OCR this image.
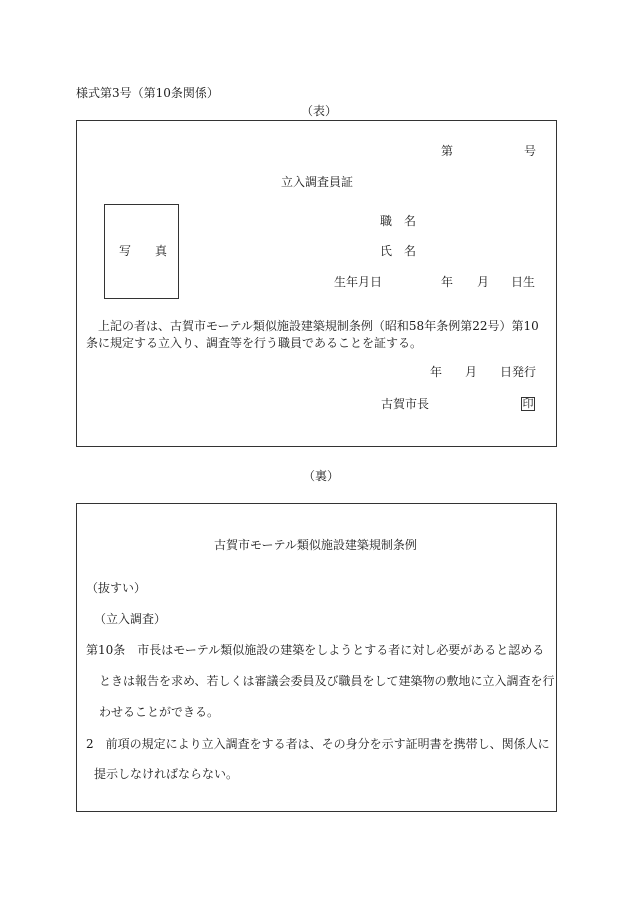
様式第3号（第10条関係）
（表）
第	号
立入調査員証
写　　真
職　名
氏　名
生年月日	年 月 日生
上記の者は、古賀市モーテル類似施設建築規制条例（昭和58年条例第22号）第10条に規定する立入り、調査等を行う職員であることを証する。
年 月 日発行
古賀市長	印
（裏）
古賀市モーテル類似施設建築規制条例
（抜すい）
（立入調査）
第10条　市長はモーテル類似施設の建築をしようとする者に対し必要があると認める
ときは報告を求め、若しくは審議会委員及び職員をして建築物の敷地に立入調査を行
わせることができる。
2　前項の規定により立入調査をする者は、その身分を示す証明書を携帯し、関係人に
提示しなければならない。
